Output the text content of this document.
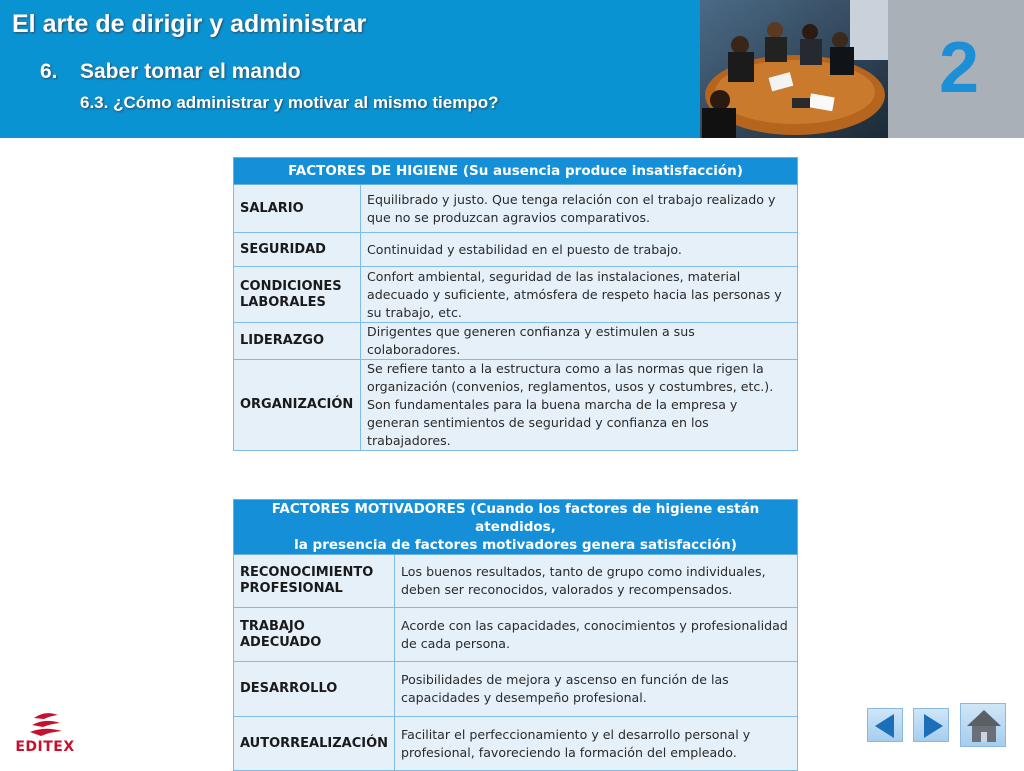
El arte de dirigir y administrar
6. Saber tomar el mando
6.3. ¿Cómo administrar y motivar al mismo tiempo?	2
FACTORES DE HIGIENE (Su ausencia produce insatisfacción)	
SALARIO	Equilibrado y justo. Que tenga relación con el trabajo realizado y que no se produzcan agravios comparativos.
SEGURIDAD	Continuidad y estabilidad en el puesto de trabajo.
CONDICIONES LABORALES	Confort ambiental, seguridad de las instalaciones, material adecuado y suficiente, atmósfera de respeto hacia las personas y su trabajo, etc.
LIDERAZGO	Dirigentes que generen confianza y estimulen a sus colaboradores.
ORGANIZACIÓN	Se refiere tanto a la estructura como a las normas que rigen la organización (convenios, reglamentos, usos y costumbres, etc.). Son fundamentales para la buena marcha de la empresa y generan sentimientos de seguridad y confianza en los trabajadores.
FACTORES MOTIVADORES (Cuando los factores de higiene están atendidos,
la presencia de factores motivadores genera satisfacción)	

RECONOCIMIENTO PROFESIONAL	Los buenos resultados, tanto de grupo como individuales, deben ser reconocidos, valorados y recompensados.
TRABAJO ADECUADO	Acorde con las capacidades, conocimientos y profesionalidad de cada persona.
DESARROLLO	Posibilidades de mejora y ascenso en función de las capacidades y desempeño profesional.
AUTORREALIZACIÓN	Facilitar el perfeccionamiento y el desarrollo personal y profesional, favoreciendo la formación del empleado.
EDITEX
